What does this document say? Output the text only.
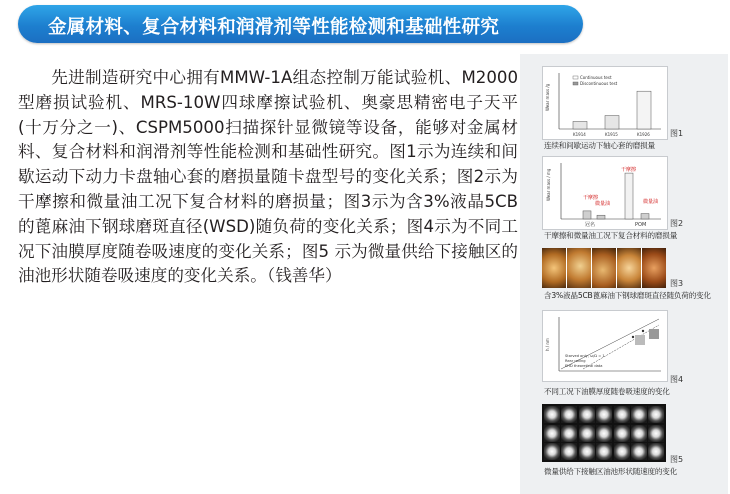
金属材料、复合材料和润滑剂等性能检测和基础性研究
先进制造研究中心拥有MMW-1A组态控制万能试验机、M2000型磨损试验机、MRS-10W四球摩擦试验机、奥豪思精密电子天平(十万分之一)、CSPM5000扫描探针显微镜等设备，能够对金属材料、复合材料和润滑剂等性能检测和基础性研究。图1示为连续和间歇运动下动力卡盘轴心套的磨损量随卡盘型号的变化关系；图2示为干摩擦和微量油工况下复合材料的磨损量；图3示为含3%液晶5CB的蓖麻油下钢球磨斑直径(WSD)随负荷的变化关系；图4示为不同工况下油膜厚度随卷吸速度的变化关系；图5 示为微量供给下接触区的油池形状随卷吸速度的变化关系。（钱善华）
Wear mass /g
Continuous test
Discontinuous test
K1914	K1915	K1926	图1
连续和间歇运动下轴心套的磨损量
Wear mass / mg	干摩擦
微量油
干摩擦
微量油
冠名	POM	图2
干摩擦和微量油工况下复合材料的磨损量
图3
含3%液晶5CB蓖麻油下钢球磨斑直径随负荷的变化
h / nm
Starved only; ω/Ω = 1
Rear rolling
EHD theoretical data
图4
不同工况下油膜厚度随卷吸速度的变化
图5
微量供给下接触区油池形状随速度的变化
